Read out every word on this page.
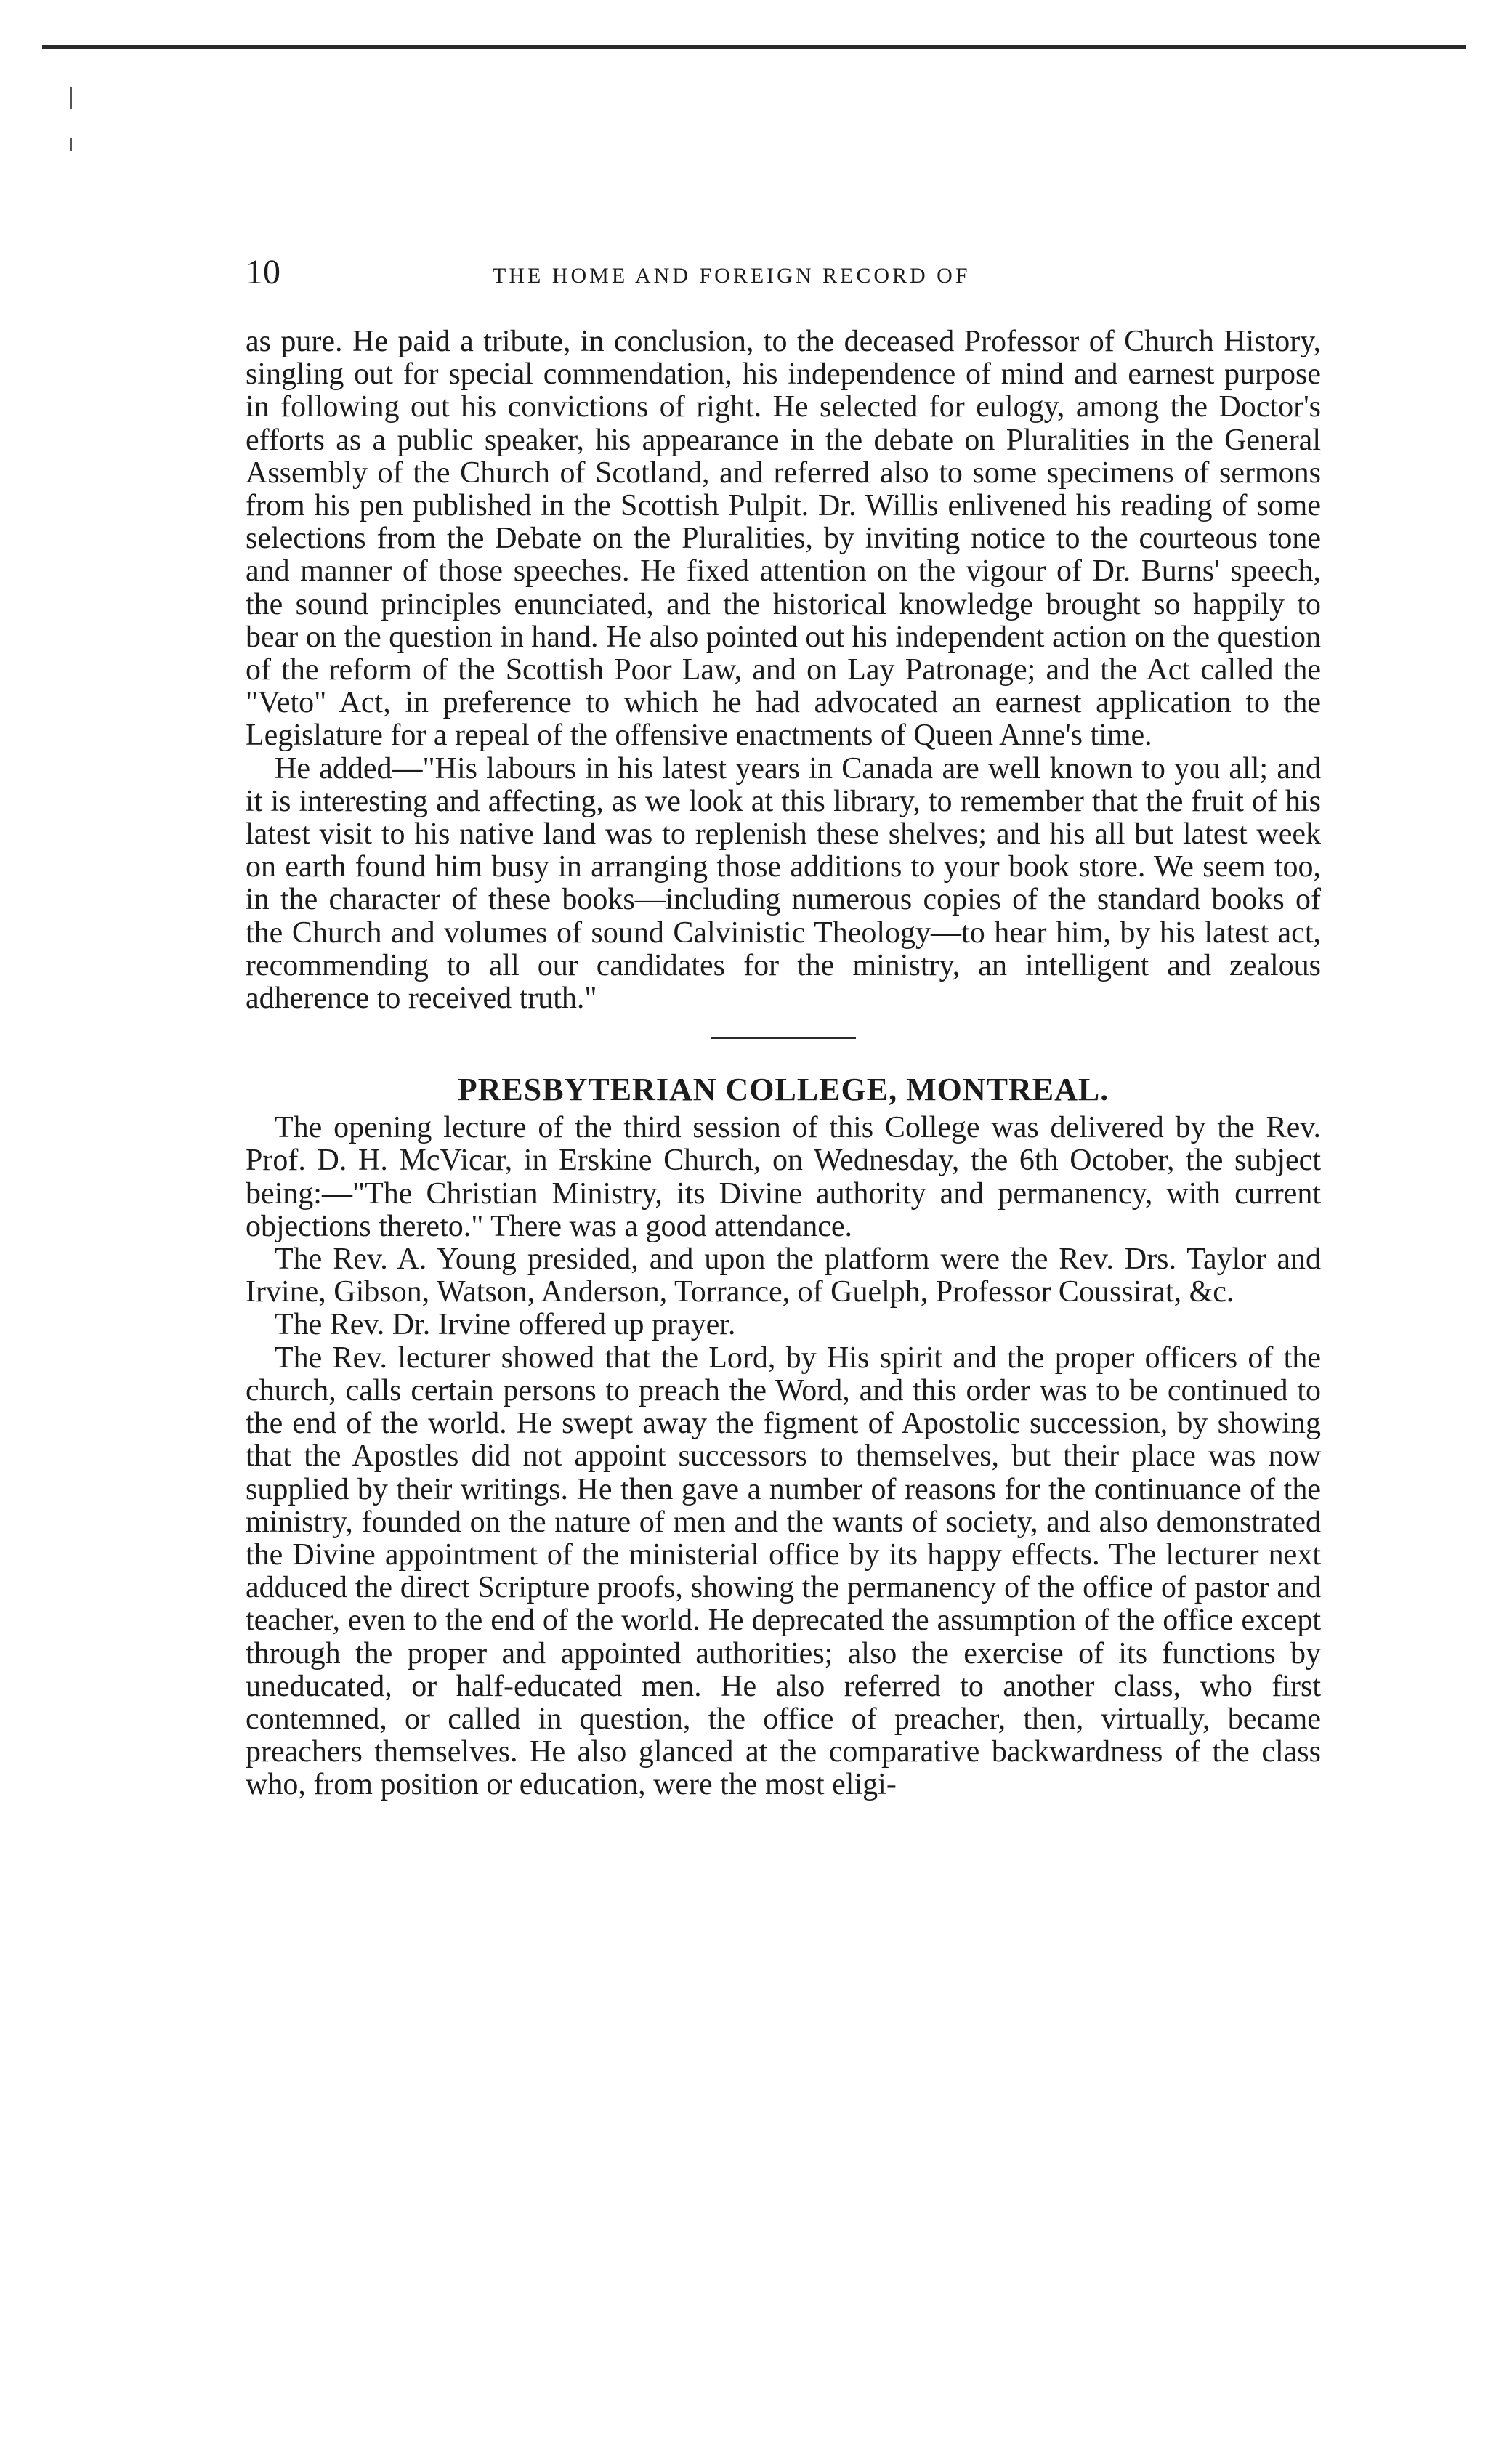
10	THE HOME AND FOREIGN RECORD OF

as pure. He paid a tribute, in conclusion, to the deceased Professor of Church History, singling out for special commendation, his independence of mind and earnest purpose in following out his convictions of right. He selected for eulogy, among the Doctor's efforts as a public speaker, his appearance in the debate on Pluralities in the General Assembly of the Church of Scotland, and referred also to some specimens of sermons from his pen published in the Scottish Pulpit. Dr. Willis enlivened his reading of some selections from the Debate on the Pluralities, by inviting notice to the courteous tone and manner of those speeches. He fixed attention on the vigour of Dr. Burns' speech, the sound principles enunciated, and the historical knowledge brought so happily to bear on the question in hand. He also pointed out his independent action on the question of the reform of the Scottish Poor Law, and on Lay Patronage; and the Act called the "Veto" Act, in preference to which he had advocated an earnest application to the Legislature for a repeal of the offensive enactments of Queen Anne's time.

He added—"His labours in his latest years in Canada are well known to you all; and it is interesting and affecting, as we look at this library, to remember that the fruit of his latest visit to his native land was to replenish these shelves; and his all but latest week on earth found him busy in arranging those additions to your book store. We seem too, in the character of these books—including numerous copies of the standard books of the Church and volumes of sound Calvinistic Theology—to hear him, by his latest act, recommending to all our candidates for the ministry, an intelligent and zealous adherence to received truth."

PRESBYTERIAN COLLEGE, MONTREAL.

The opening lecture of the third session of this College was delivered by the Rev. Prof. D. H. McVicar, in Erskine Church, on Wednesday, the 6th October, the subject being:—"The Christian Ministry, its Divine authority and permanency, with current objections thereto." There was a good attendance.

The Rev. A. Young presided, and upon the platform were the Rev. Drs. Taylor and Irvine, Gibson, Watson, Anderson, Torrance, of Guelph, Professor Coussirat, &c.

The Rev. Dr. Irvine offered up prayer.

The Rev. lecturer showed that the Lord, by His spirit and the proper officers of the church, calls certain persons to preach the Word, and this order was to be continued to the end of the world. He swept away the figment of Apostolic succession, by showing that the Apostles did not appoint successors to themselves, but their place was now supplied by their writings. He then gave a number of reasons for the continuance of the ministry, founded on the nature of men and the wants of society, and also demonstrated the Divine appointment of the ministerial office by its happy effects. The lecturer next adduced the direct Scripture proofs, showing the permanency of the office of pastor and teacher, even to the end of the world. He deprecated the assumption of the office except through the proper and appointed authorities; also the exercise of its functions by uneducated, or half-educated men. He also referred to another class, who first contemned, or called in question, the office of preacher, then, virtually, became preachers themselves. He also glanced at the comparative backwardness of the class who, from position or education, were the most eligi-
